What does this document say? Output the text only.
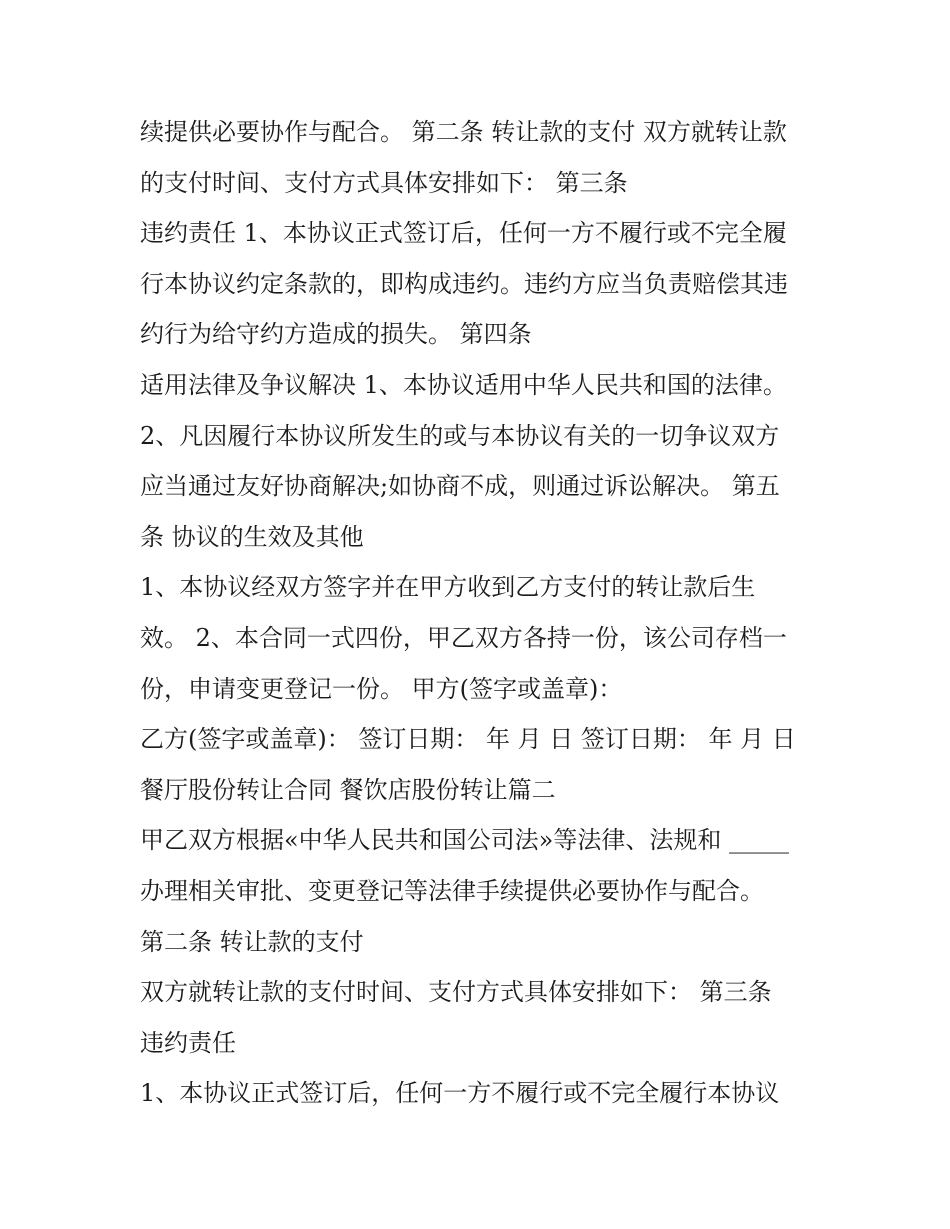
续提供必要协作与配合。 第二条 转让款的支付 双方就转让款
的支付时间、支付方式具体安排如下： 第三条
违约责任 1、本协议正式签订后，任何一方不履行或不完全履
行本协议约定条款的，即构成违约。违约方应当负责赔偿其违
约行为给守约方造成的损失。 第四条
适用法律及争议解决 1、本协议适用中华人民共和国的法律。
2、凡因履行本协议所发生的或与本协议有关的一切争议双方
应当通过友好协商解决;如协商不成，则通过诉讼解决。 第五
条 协议的生效及其他
1、本协议经双方签字并在甲方收到乙方支付的转让款后生
效。 2、本合同一式四份，甲乙双方各持一份，该公司存档一
份，申请变更登记一份。 甲方(签字或盖章)：
乙方(签字或盖章)： 签订日期： 年 月 日 签订日期： 年 月 日
餐厅股份转让合同 餐饮店股份转让篇二
甲乙双方根据«中华人民共和国公司法»等法律、法规和 _____
办理相关审批、变更登记等法律手续提供必要协作与配合。
第二条 转让款的支付
双方就转让款的支付时间、支付方式具体安排如下： 第三条
违约责任
1、本协议正式签订后，任何一方不履行或不完全履行本协议
